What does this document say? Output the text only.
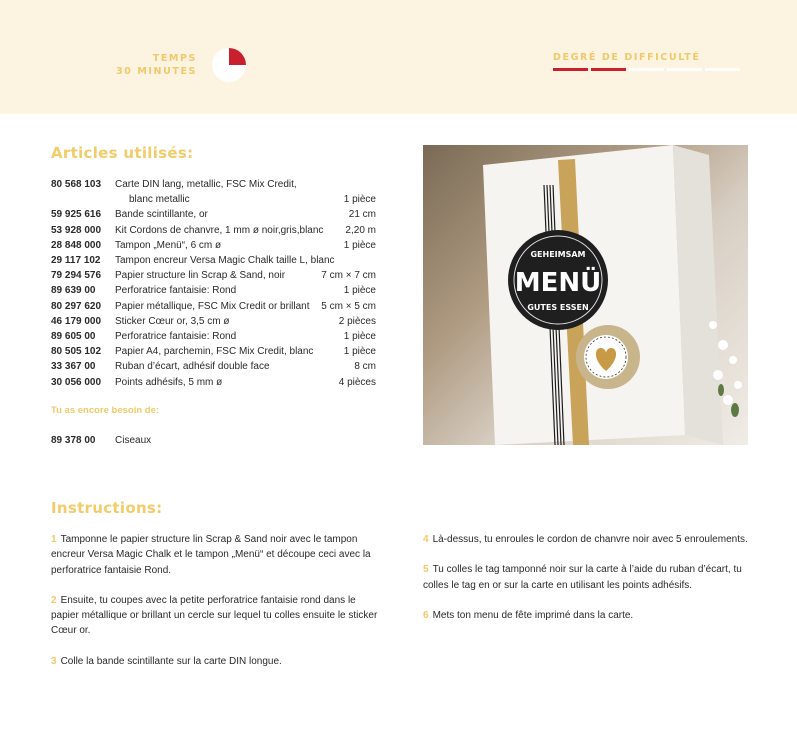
TEMPS
30 MINUTES
DEGRÉ DE DIFFICULTÉ
Articles utilisés:
80 568 103	Carte DIN lang, metallic, FSC Mix Credit,
blanc metallic	1 pièce
59 925 616	Bande scintillante, or	21 cm
53 928 000	Kit Cordons de chanvre, 1 mm ø noir,gris,blanc	2,20 m
28 848 000	Tampon „Menü“, 6 cm ø	1 pièce
29 117 102	Tampon encreur Versa Magic Chalk taille L, blanc
79 294 576	Papier structure lin Scrap & Sand, noir	7 cm × 7 cm
89 639 00	Perforatrice fantaisie: Rond	1 pièce
80 297 620	Papier métallique, FSC Mix Credit or brillant	5 cm × 5 cm
46 179 000	Sticker Cœur or, 3,5 cm ø	2 pièces
89 605 00	Perforatrice fantaisie: Rond	1 pièce
80 505 102	Papier A4, parchemin, FSC Mix Credit, blanc	1 pièce
33 367 00	Ruban d’écart, adhésif double face	8 cm
30 056 000	Points adhésifs, 5 mm ø	4 pièces
Tu as encore besoin de:
89 378 00	Ciseaux
GEHEIMSAM
MENÜ
GUTES ESSEN
Instructions:
1 Tamponne le papier structure lin Scrap & Sand noir avec le tampon encreur Versa Magic Chalk et le tampon „Menü“ et découpe ceci avec la perforatrice fantaisie Rond.
2 Ensuite, tu coupes avec la petite perforatrice fantaisie rond dans le papier métallique or brillant un cercle sur lequel tu colles ensuite le sticker Cœur or.
3 Colle la bande scintillante sur la carte DIN longue.
4 Là-dessus, tu enroules le cordon de chanvre noir avec 5 enroulements.
5 Tu colles le tag tamponné noir sur la carte à l’aide du ruban d’écart, tu colles le tag en or sur la carte en utilisant les points adhésifs.
6 Mets ton menu de fête imprimé dans la carte.
